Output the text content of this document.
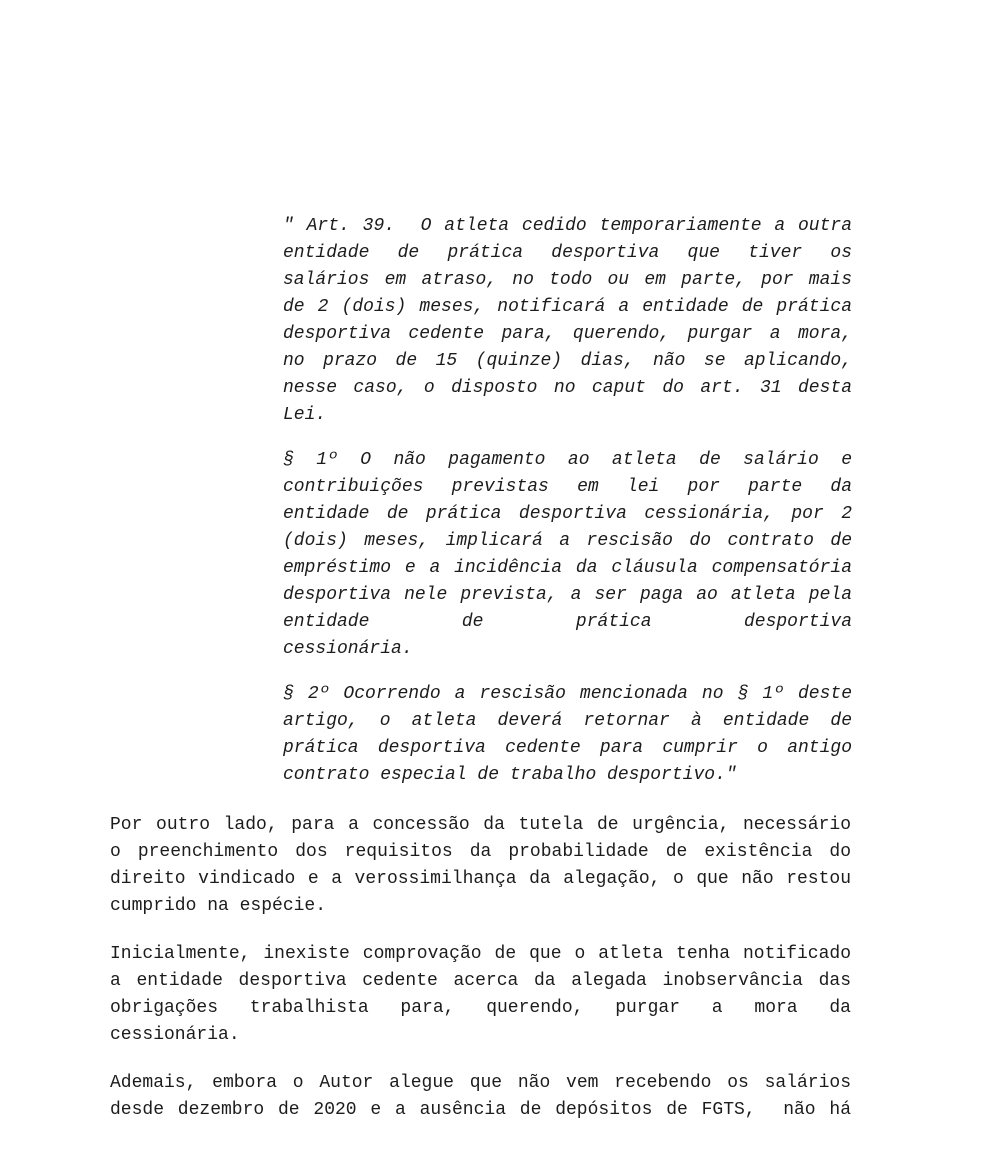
" Art. 39.  O atleta cedido temporariamente a outra
entidade de prática desportiva que tiver os
salários em atraso, no todo ou em parte, por mais
de 2 (dois) meses, notificará a entidade de prática
desportiva cedente para, querendo, purgar a mora,
no prazo de 15 (quinze) dias, não se aplicando,
nesse caso, o disposto no caput do art. 31 desta
Lei.
§ 1º O não pagamento ao atleta de salário e
contribuições previstas em lei por parte da
entidade de prática desportiva cessionária, por 2
(dois) meses, implicará a rescisão do contrato de
empréstimo e a incidência da cláusula compensatória
desportiva nele prevista, a ser paga ao atleta pela
entidade de prática desportiva
cessionária.
§ 2º Ocorrendo a rescisão mencionada no § 1º deste
artigo, o atleta deverá retornar à entidade de
prática desportiva cedente para cumprir o antigo
contrato especial de trabalho desportivo."
Por outro lado, para a concessão da tutela de urgência, necessário
o preenchimento dos requisitos da probabilidade de existência do
direito vindicado e a verossimilhança da alegação, o que não restou
cumprido na espécie.
Inicialmente, inexiste comprovação de que o atleta tenha notificado
a entidade desportiva cedente acerca da alegada inobservância das
obrigações trabalhista para, querendo, purgar a mora da
cessionária.
Ademais, embora o Autor alegue que não vem recebendo os salários
desde dezembro de 2020 e a ausência de depósitos de FGTS,  não há
